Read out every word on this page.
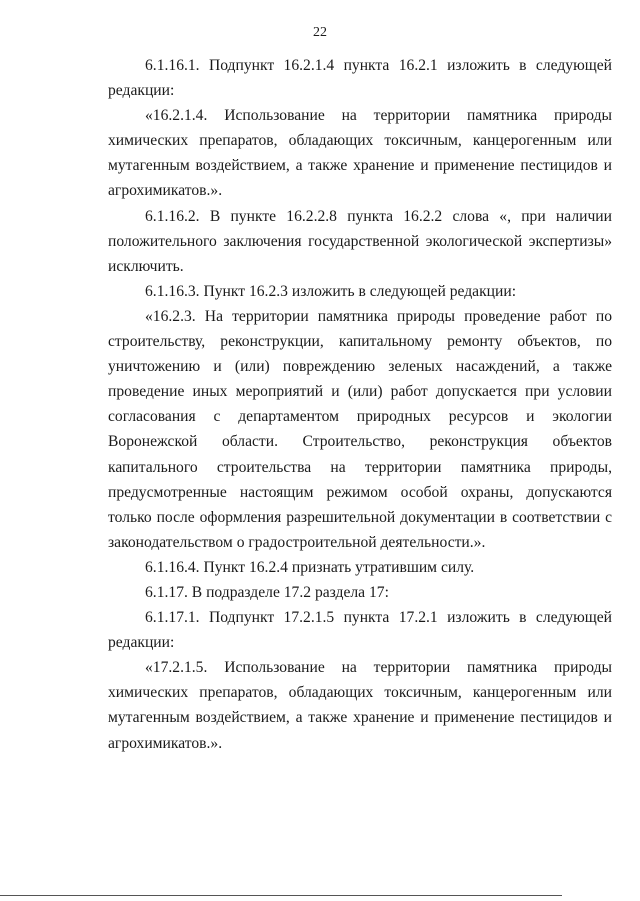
22

6.1.16.1. Подпункт 16.2.1.4 пункта 16.2.1 изложить в следующей редакции:

«16.2.1.4. Использование на территории памятника природы химических препаратов, обладающих токсичным, канцерогенным или мутагенным воздействием, а также хранение и применение пестицидов и агрохимикатов.».

6.1.16.2. В пункте 16.2.2.8 пункта 16.2.2 слова «, при наличии положительного заключения государственной экологической экспертизы» исключить.

6.1.16.3. Пункт 16.2.3 изложить в следующей редакции:

«16.2.3. На территории памятника природы проведение работ по строительству, реконструкции, капитальному ремонту объектов, по уничтожению и (или) повреждению зеленых насаждений, а также проведение иных мероприятий и (или) работ допускается при условии согласования с департаментом природных ресурсов и экологии Воронежской области. Строительство, реконструкция объектов капитального строительства на территории памятника природы, предусмотренные настоящим режимом особой охраны, допускаются только после оформления разрешительной документации в соответствии с законодательством о градостроительной деятельности.».

6.1.16.4. Пункт 16.2.4 признать утратившим силу.

6.1.17. В подразделе 17.2 раздела 17:

6.1.17.1. Подпункт 17.2.1.5 пункта 17.2.1 изложить в следующей редакции:

«17.2.1.5. Использование на территории памятника природы химических препаратов, обладающих токсичным, канцерогенным или мутагенным воздействием, а также хранение и применение пестицидов и агрохимикатов.».
